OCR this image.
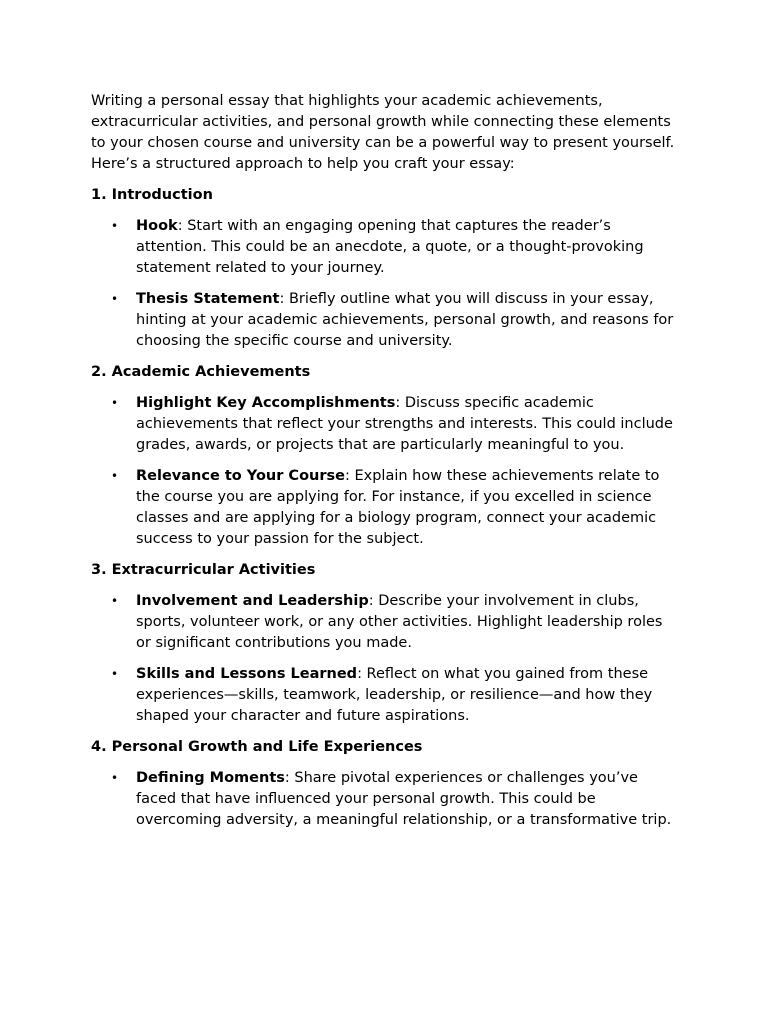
Writing a personal essay that highlights your academic achievements, extracurricular activities, and personal growth while connecting these elements to your chosen course and university can be a powerful way to present yourself. Here’s a structured approach to help you craft your essay:

1. Introduction

• Hook: Start with an engaging opening that captures the reader’s attention. This could be an anecdote, a quote, or a thought-provoking statement related to your journey.
• Thesis Statement: Briefly outline what you will discuss in your essay, hinting at your academic achievements, personal growth, and reasons for choosing the specific course and university.

2. Academic Achievements

• Highlight Key Accomplishments: Discuss specific academic achievements that reflect your strengths and interests. This could include grades, awards, or projects that are particularly meaningful to you.
• Relevance to Your Course: Explain how these achievements relate to the course you are applying for. For instance, if you excelled in science classes and are applying for a biology program, connect your academic success to your passion for the subject.

3. Extracurricular Activities

• Involvement and Leadership: Describe your involvement in clubs, sports, volunteer work, or any other activities. Highlight leadership roles or significant contributions you made.
• Skills and Lessons Learned: Reflect on what you gained from these experiences—skills, teamwork, leadership, or resilience—and how they shaped your character and future aspirations.

4. Personal Growth and Life Experiences

• Defining Moments: Share pivotal experiences or challenges you’ve faced that have influenced your personal growth. This could be overcoming adversity, a meaningful relationship, or a transformative trip.
